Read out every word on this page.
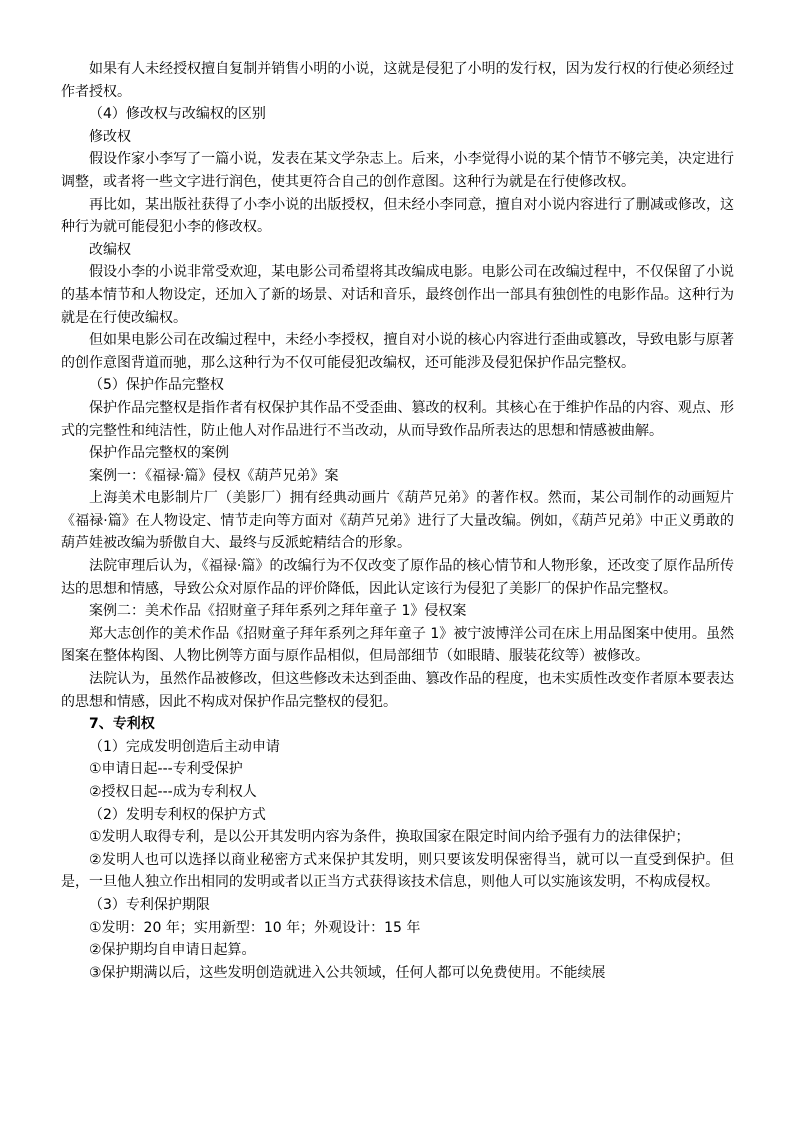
如果有人未经授权擅自复制并销售小明的小说，这就是侵犯了小明的发行权，因为发行权的行使必须经过作者授权。

（4）修改权与改编权的区别

修改权

假设作家小李写了一篇小说，发表在某文学杂志上。后来，小李觉得小说的某个情节不够完美，决定进行调整，或者将一些文字进行润色，使其更符合自己的创作意图。这种行为就是在行使修改权。

再比如，某出版社获得了小李小说的出版授权，但未经小李同意，擅自对小说内容进行了删减或修改，这种行为就可能侵犯小李的修改权。

改编权

假设小李的小说非常受欢迎，某电影公司希望将其改编成电影。电影公司在改编过程中，不仅保留了小说的基本情节和人物设定，还加入了新的场景、对话和音乐，最终创作出一部具有独创性的电影作品。这种行为就是在行使改编权。

但如果电影公司在改编过程中，未经小李授权，擅自对小说的核心内容进行歪曲或篡改，导致电影与原著的创作意图背道而驰，那么这种行为不仅可能侵犯改编权，还可能涉及侵犯保护作品完整权。

（5）保护作品完整权

保护作品完整权是指作者有权保护其作品不受歪曲、篡改的权利。其核心在于维护作品的内容、观点、形式的完整性和纯洁性，防止他人对作品进行不当改动，从而导致作品所表达的思想和情感被曲解。

保护作品完整权的案例

案例一：《福禄·篇》侵权《葫芦兄弟》案

上海美术电影制片厂（美影厂）拥有经典动画片《葫芦兄弟》的著作权。然而，某公司制作的动画短片《福禄·篇》在人物设定、情节走向等方面对《葫芦兄弟》进行了大量改编。例如，《葫芦兄弟》中正义勇敢的葫芦娃被改编为骄傲自大、最终与反派蛇精结合的形象。

法院审理后认为，《福禄·篇》的改编行为不仅改变了原作品的核心情节和人物形象，还改变了原作品所传达的思想和情感，导致公众对原作品的评价降低，因此认定该行为侵犯了美影厂的保护作品完整权。

案例二：美术作品《招财童子拜年系列之拜年童子 1》侵权案

郑大志创作的美术作品《招财童子拜年系列之拜年童子 1》被宁波博洋公司在床上用品图案中使用。虽然图案在整体构图、人物比例等方面与原作品相似，但局部细节（如眼睛、服装花纹等）被修改。

法院认为，虽然作品被修改，但这些修改未达到歪曲、篡改作品的程度，也未实质性改变作者原本要表达的思想和情感，因此不构成对保护作品完整权的侵犯。

7、专利权

（1）完成发明创造后主动申请

①申请日起---专利受保护

②授权日起---成为专利权人

（2）发明专利权的保护方式

①发明人取得专利，是以公开其发明内容为条件，换取国家在限定时间内给予强有力的法律保护；

②发明人也可以选择以商业秘密方式来保护其发明，则只要该发明保密得当，就可以一直受到保护。但是，一旦他人独立作出相同的发明或者以正当方式获得该技术信息，则他人可以实施该发明，不构成侵权。

（3）专利保护期限

①发明：20 年；实用新型：10 年；外观设计：15 年

②保护期均自申请日起算。

③保护期满以后，这些发明创造就进入公共领域，任何人都可以免费使用。不能续展
